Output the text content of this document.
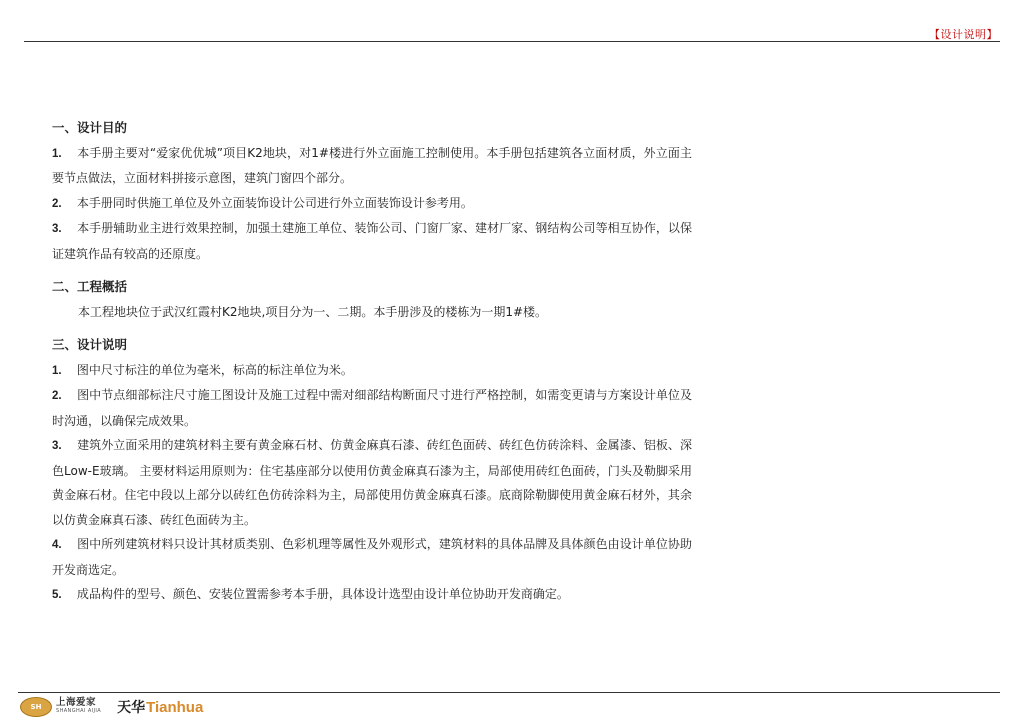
【设计说明】

一、设计目的

1. 本手册主要对“爱家优优城”项目K2地块，对1#楼进行外立面施工控制使用。本手册包括建筑各立面材质，外立面主要节点做法，立面材料拼接示意图，建筑门窗四个部分。

2. 本手册同时供施工单位及外立面装饰设计公司进行外立面装饰设计参考用。

3. 本手册辅助业主进行效果控制，加强土建施工单位、装饰公司、门窗厂家、建材厂家、钢结构公司等相互协作，以保证建筑作品有较高的还原度。

二、工程概括

本工程地块位于武汉红霞村K2地块,项目分为一、二期。本手册涉及的楼栋为一期1#楼。

三、设计说明

1. 图中尺寸标注的单位为毫米，标高的标注单位为米。

2. 图中节点细部标注尺寸施工图设计及施工过程中需对细部结构断面尺寸进行严格控制，如需变更请与方案设计单位及时沟通，以确保完成效果。

3. 建筑外立面采用的建筑材料主要有黄金麻石材、仿黄金麻真石漆、砖红色面砖、砖红色仿砖涂料、金属漆、铝板、深色Low-E玻璃。 主要材料运用原则为：住宅基座部分以使用仿黄金麻真石漆为主，局部使用砖红色面砖，门头及勒脚采用黄金麻石材。住宅中段以上部分以砖红色仿砖涂料为主，局部使用仿黄金麻真石漆。底商除勒脚使用黄金麻石材外，其余以仿黄金麻真石漆、砖红色面砖为主。

4. 图中所列建筑材料只设计其材质类别、色彩机理等属性及外观形式，建筑材料的具体品牌及具体颜色由设计单位协助开发商选定。

5. 成品构件的型号、颜色、安装位置需参考本手册，具体设计选型由设计单位协助开发商确定。

SH	上海爱家
SHANGHAI AIJIA 天华 Tianhua
